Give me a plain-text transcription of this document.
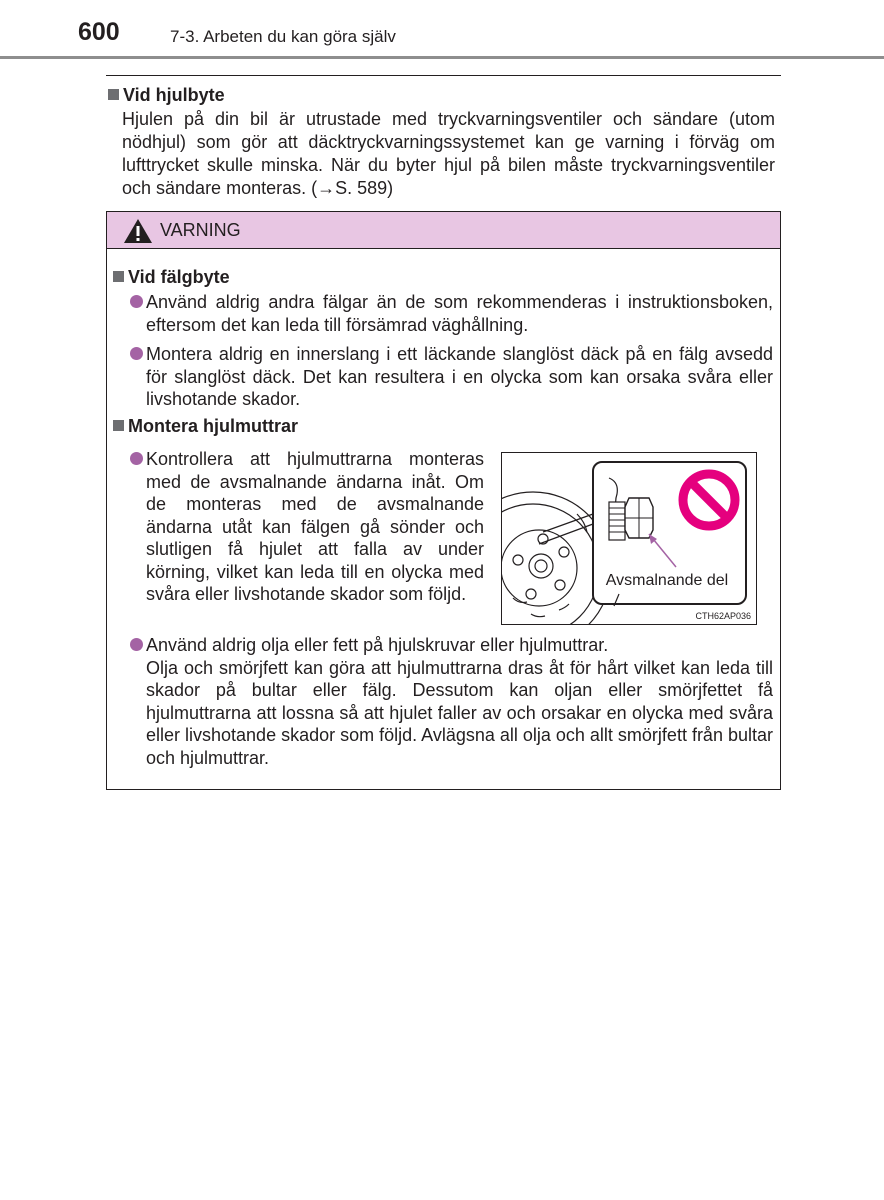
600	7-3. Arbeten du kan göra själv
Vid hjulbyte

Hjulen på din bil är utrustade med tryckvarningsventiler och sändare (utom nödhjul) som gör att däcktryckvarningssystemet kan ge varning i förväg om lufttrycket skulle minska. När du byter hjul på bilen måste tryckvarningsventiler och sändare monteras. (→S. 589)

VARNING
Vid fälgbyte

Använd aldrig andra fälgar än de som rekommenderas i instruktionsboken, eftersom det kan leda till försämrad väghållning.

Montera aldrig en innerslang i ett läckande slanglöst däck på en fälg avsedd för slanglöst däck. Det kan resultera i en olycka som kan orsaka svåra eller livshotande skador.

Montera hjulmuttrar

Kontrollera att hjulmuttrarna monteras med de avsmalnande ändarna inåt. Om de monteras med de avsmalnande ändarna utåt kan fälgen gå sönder och slutligen få hjulet att falla av under körning, vilket kan leda till en olycka med svåra eller livshotande skador som följd.

Avsmalnande del
CTH62AP036

Använd aldrig olja eller fett på hjulskruvar eller hjulmuttrar.
Olja och smörjfett kan göra att hjulmuttrarna dras åt för hårt vilket kan leda till skador på bultar eller fälg. Dessutom kan oljan eller smörjfettet få hjulmuttrarna att lossna så att hjulet faller av och orsakar en olycka med svåra eller livshotande skador som följd. Avlägsna all olja och allt smörjfett från bultar och hjulmuttrar.
